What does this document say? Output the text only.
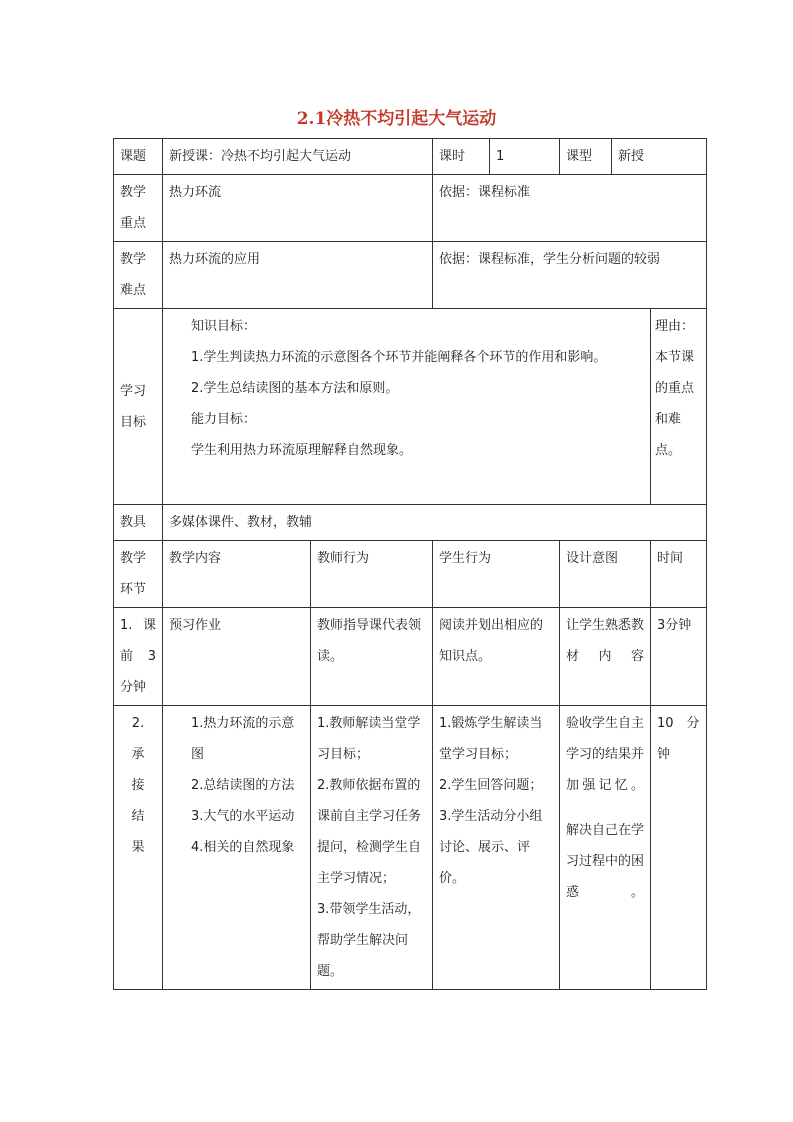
2.1冷热不均引起大气运动
课题	新授课：冷热不均引起大气运动		课时	1	课型	新授	

教学
重点	热力环流		依据：课程标准				

教学
难点	热力环流的应用		依据：课程标准，学生分析问题的较弱				

学习
目标	知识目标：
1.学生判读热力环流的示意图各个环节并能阐释各个环节的作用和影响。
2.学生总结读图的基本方法和原则。
能力目标：
学生利用热力环流原理解释自然现象。						理由：
本节课的重点和难点。

教具	多媒体课件、教材，教辅						

教学
环节	教学内容	教师行为	学生行为		设计意图		时间

1. 课
前 3
分钟	预习作业	教师指导课代表领读。	阅读并划出相应的知识点。		让学生熟悉教材内容		3分钟

2.
承
接
结
果	1.热力环流的示意图
2.总结读图的方法
3.大气的水平运动
4.相关的自然现象	1.教师解读当堂学习目标；
2.教师依据布置的课前自主学习任务提问，检测学生自主学习情况；
3.带领学生活动，帮助学生解决问题。	1.锻炼学生解读当堂学习目标；
2.学生回答问题；
3.学生活动分小组讨论、展示、评价。		验收学生自主学习的结果并加强记忆。
解决自己在学习过程中的困惑。		10　分
钟
